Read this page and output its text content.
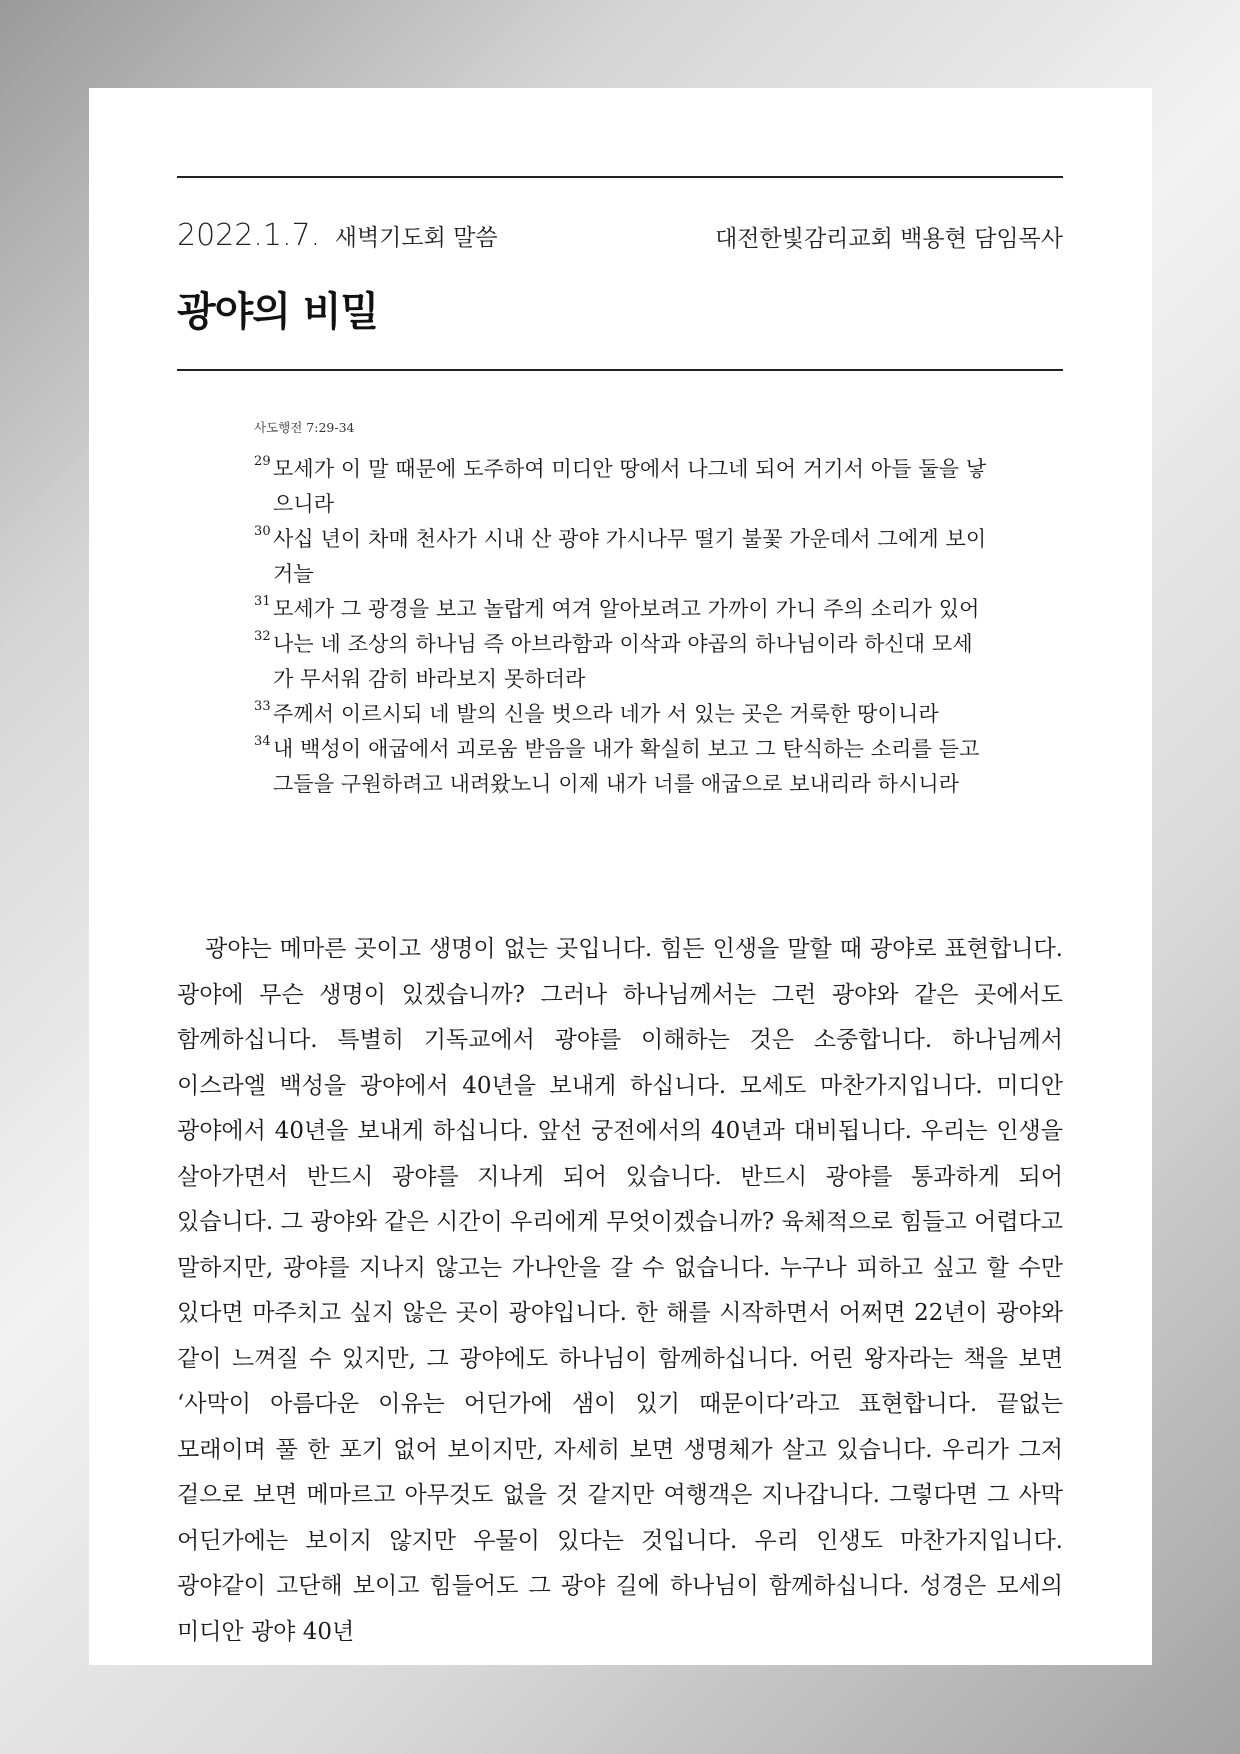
2022.1.7. 새벽기도회 말씀	대전한빛감리교회 백용현 담임목사
광야의 비밀
사도행전 7:29-34

29 모세가 이 말 때문에 도주하여 미디안 땅에서 나그네 되어 거기서 아들 둘을 낳으니라

30 사십 년이 차매 천사가 시내 산 광야 가시나무 떨기 불꽃 가운데서 그에게 보이거늘

31 모세가 그 광경을 보고 놀랍게 여겨 알아보려고 가까이 가니 주의 소리가 있어

32 나는 네 조상의 하나님 즉 아브라함과 이삭과 야곱의 하나님이라 하신대 모세가 무서워 감히 바라보지 못하더라

33 주께서 이르시되 네 발의 신을 벗으라 네가 서 있는 곳은 거룩한 땅이니라

34 내 백성이 애굽에서 괴로움 받음을 내가 확실히 보고 그 탄식하는 소리를 듣고 그들을 구원하려고 내려왔노니 이제 내가 너를 애굽으로 보내리라 하시니라

광야는 메마른 곳이고 생명이 없는 곳입니다. 힘든 인생을 말할 때 광야로 표현합니다. 광야에 무슨 생명이 있겠습니까? 그러나 하나님께서는 그런 광야와 같은 곳에서도 함께하십니다. 특별히 기독교에서 광야를 이해하는 것은 소중합니다. 하나님께서 이스라엘 백성을 광야에서 40년을 보내게 하십니다. 모세도 마찬가지입니다. 미디안 광야에서 40년을 보내게 하십니다. 앞선 궁전에서의 40년과 대비됩니다. 우리는 인생을 살아가면서 반드시 광야를 지나게 되어 있습니다. 반드시 광야를 통과하게 되어 있습니다. 그 광야와 같은 시간이 우리에게 무엇이겠습니까? 육체적으로 힘들고 어렵다고 말하지만, 광야를 지나지 않고는 가나안을 갈 수 없습니다. 누구나 피하고 싶고 할 수만 있다면 마주치고 싶지 않은 곳이 광야입니다. 한 해를 시작하면서 어쩌면 22년이 광야와 같이 느껴질 수 있지만, 그 광야에도 하나님이 함께하십니다. 어린 왕자라는 책을 보면 ‘사막이 아름다운 이유는 어딘가에 샘이 있기 때문이다’라고 표현합니다. 끝없는 모래이며 풀 한 포기 없어 보이지만, 자세히 보면 생명체가 살고 있습니다. 우리가 그저 겉으로 보면 메마르고 아무것도 없을 것 같지만 여행객은 지나갑니다. 그렇다면 그 사막 어딘가에는 보이지 않지만 우물이 있다는 것입니다. 우리 인생도 마찬가지입니다. 광야같이 고단해 보이고 힘들어도 그 광야 길에 하나님이 함께하십니다. 성경은 모세의 미디안 광야 40년
